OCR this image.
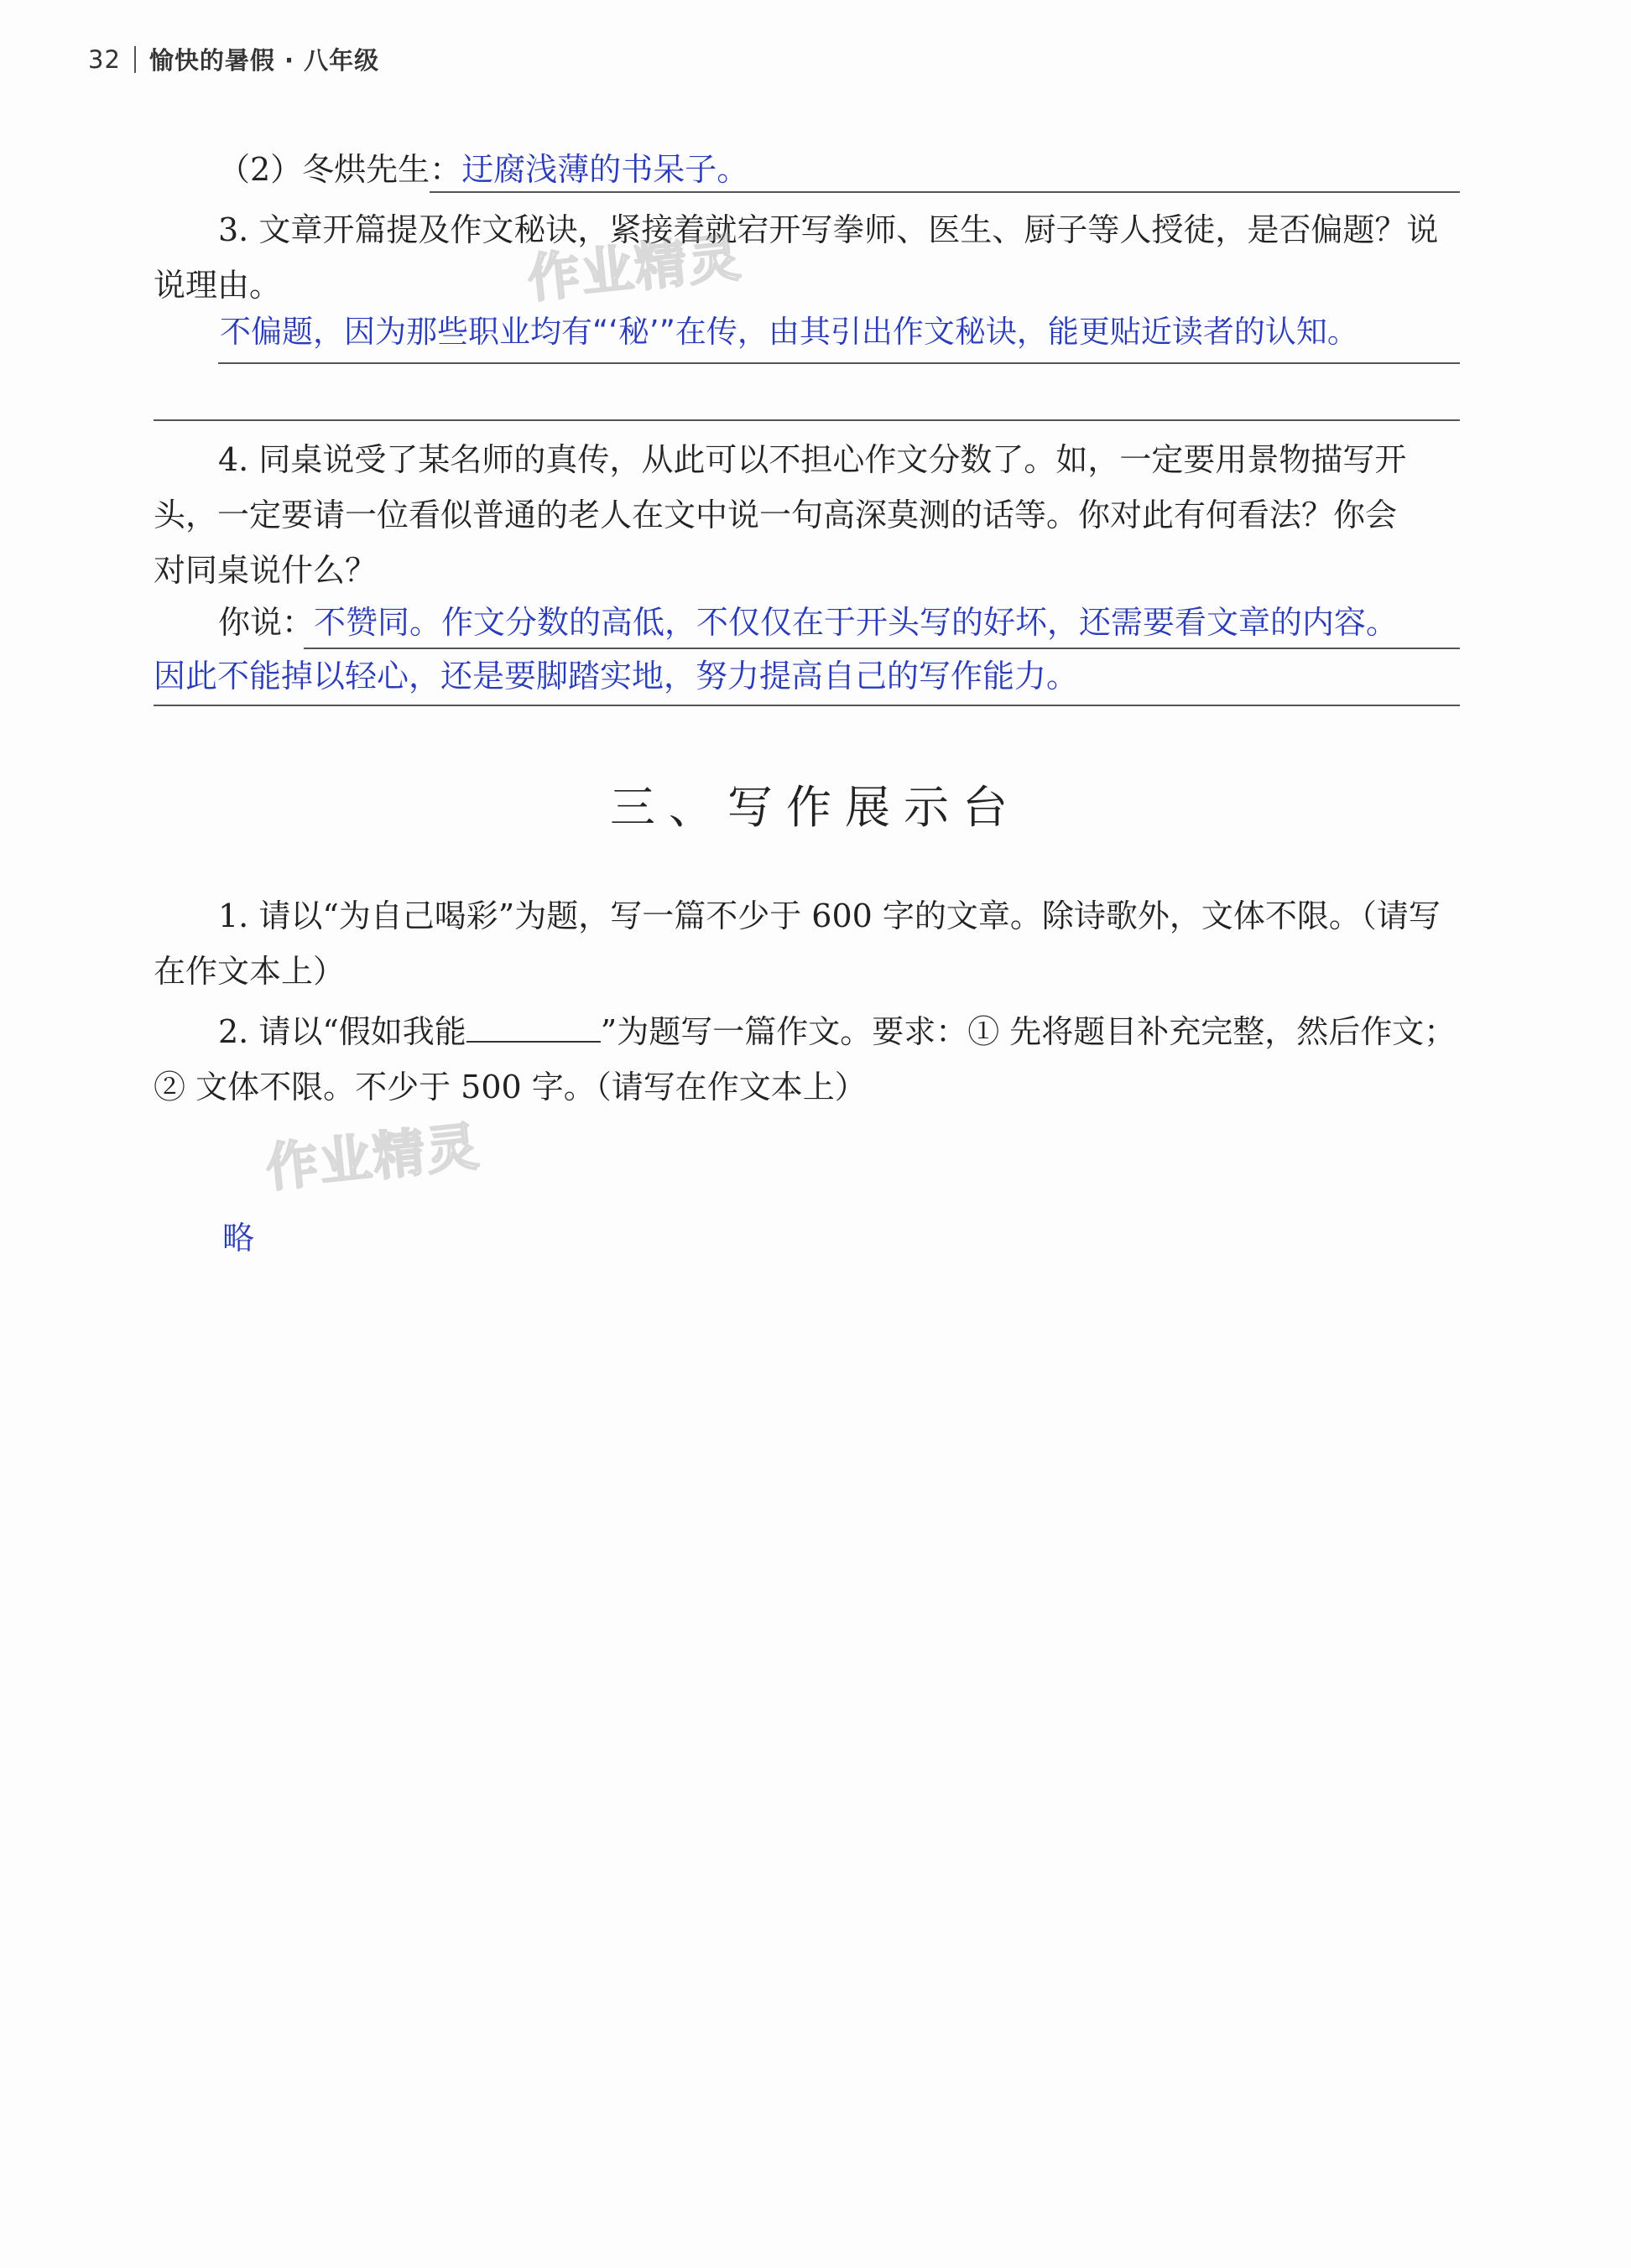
32 愉快的暑假 · 八年级
（2）冬烘先生：迂腐浅薄的书呆子。
3. 文章开篇提及作文秘诀，紧接着就宕开写拳师、医生、厨子等人授徒，是否偏题？说
说理由。
不偏题，因为那些职业均有“‘秘’”在传，由其引出作文秘诀，能更贴近读者的认知。
4. 同桌说受了某名师的真传，从此可以不担心作文分数了。如，一定要用景物描写开
头，一定要请一位看似普通的老人在文中说一句高深莫测的话等。你对此有何看法？你会
对同桌说什么？
你说：不赞同。作文分数的高低，不仅仅在于开头写的好坏，还需要看文章的内容。
因此不能掉以轻心，还是要脚踏实地，努力提高自己的写作能力。
三、写作展示台
1. 请以“为自己喝彩”为题，写一篇不少于 600 字的文章。除诗歌外，文体不限。（请写
在作文本上）
2. 请以“假如我能	”为题写一篇作文。要求：① 先将题目补充完整，然后作文；
② 文体不限。不少于 500 字。（请写在作文本上）
略
作业精灵
作业精灵
